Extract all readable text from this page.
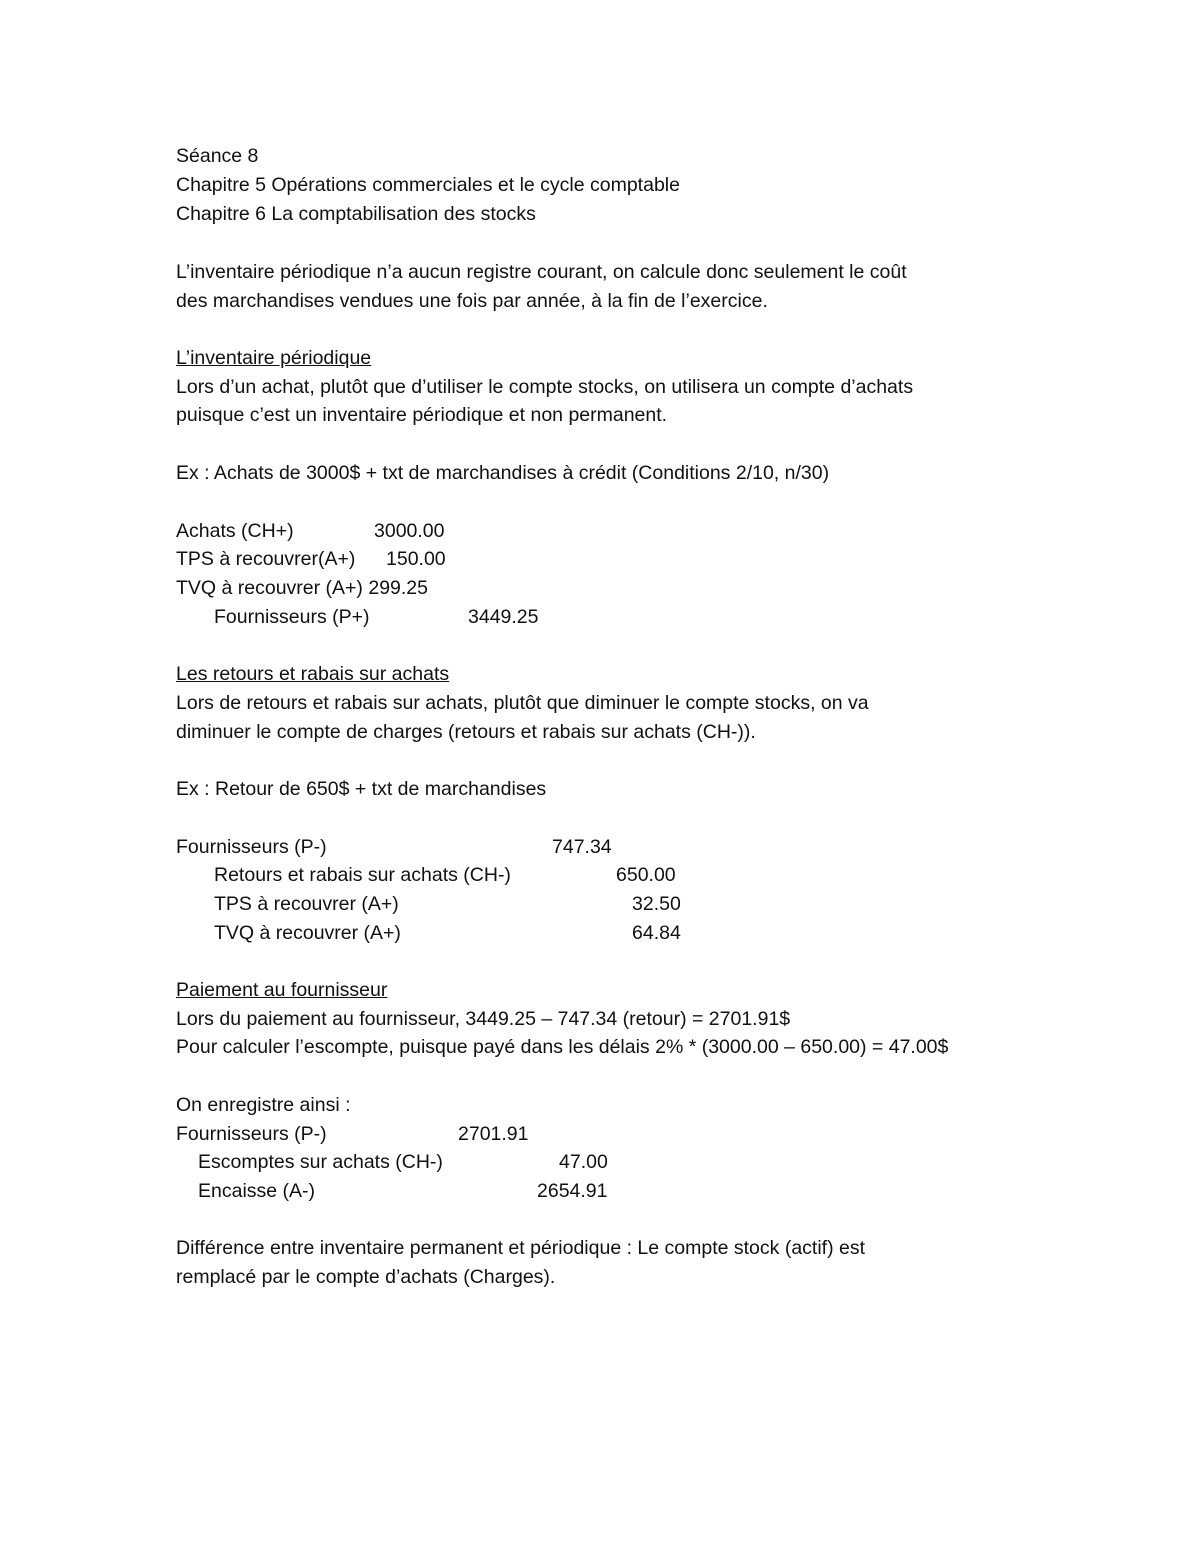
Séance 8
Chapitre 5 Opérations commerciales et le cycle comptable
Chapitre 6 La comptabilisation des stocks
L’inventaire périodique n’a aucun registre courant, on calcule donc seulement le coût
des marchandises vendues une fois par année, à la fin de l’exercice.
L’inventaire périodique
Lors d’un achat, plutôt que d’utiliser le compte stocks, on utilisera un compte d’achats
puisque c’est un inventaire périodique et non permanent.
Ex : Achats de 3000$ + txt de marchandises à crédit (Conditions 2/10, n/30)
Achats (CH+)	3000.00
TPS à recouvrer(A+) 150.00
TVQ à recouvrer (A+) 299.25
Fournisseurs (P+)	3449.25
Les retours et rabais sur achats
Lors de retours et rabais sur achats, plutôt que diminuer le compte stocks, on va
diminuer le compte de charges (retours et rabais sur achats (CH-)).
Ex : Retour de 650$ + txt de marchandises
Fournisseurs (P-)	747.34
Retours et rabais sur achats (CH-)	650.00
TPS à recouvrer (A+)	32.50
TVQ à recouvrer (A+)	64.84
Paiement au fournisseur
Lors du paiement au fournisseur, 3449.25 – 747.34 (retour) = 2701.91$
Pour calculer l’escompte, puisque payé dans les délais 2% * (3000.00 – 650.00) = 47.00$
On enregistre ainsi :
Fournisseurs (P-)	2701.91
Escomptes sur achats (CH-)	47.00
Encaisse (A-)	2654.91
Différence entre inventaire permanent et périodique : Le compte stock (actif) est
remplacé par le compte d’achats (Charges).
